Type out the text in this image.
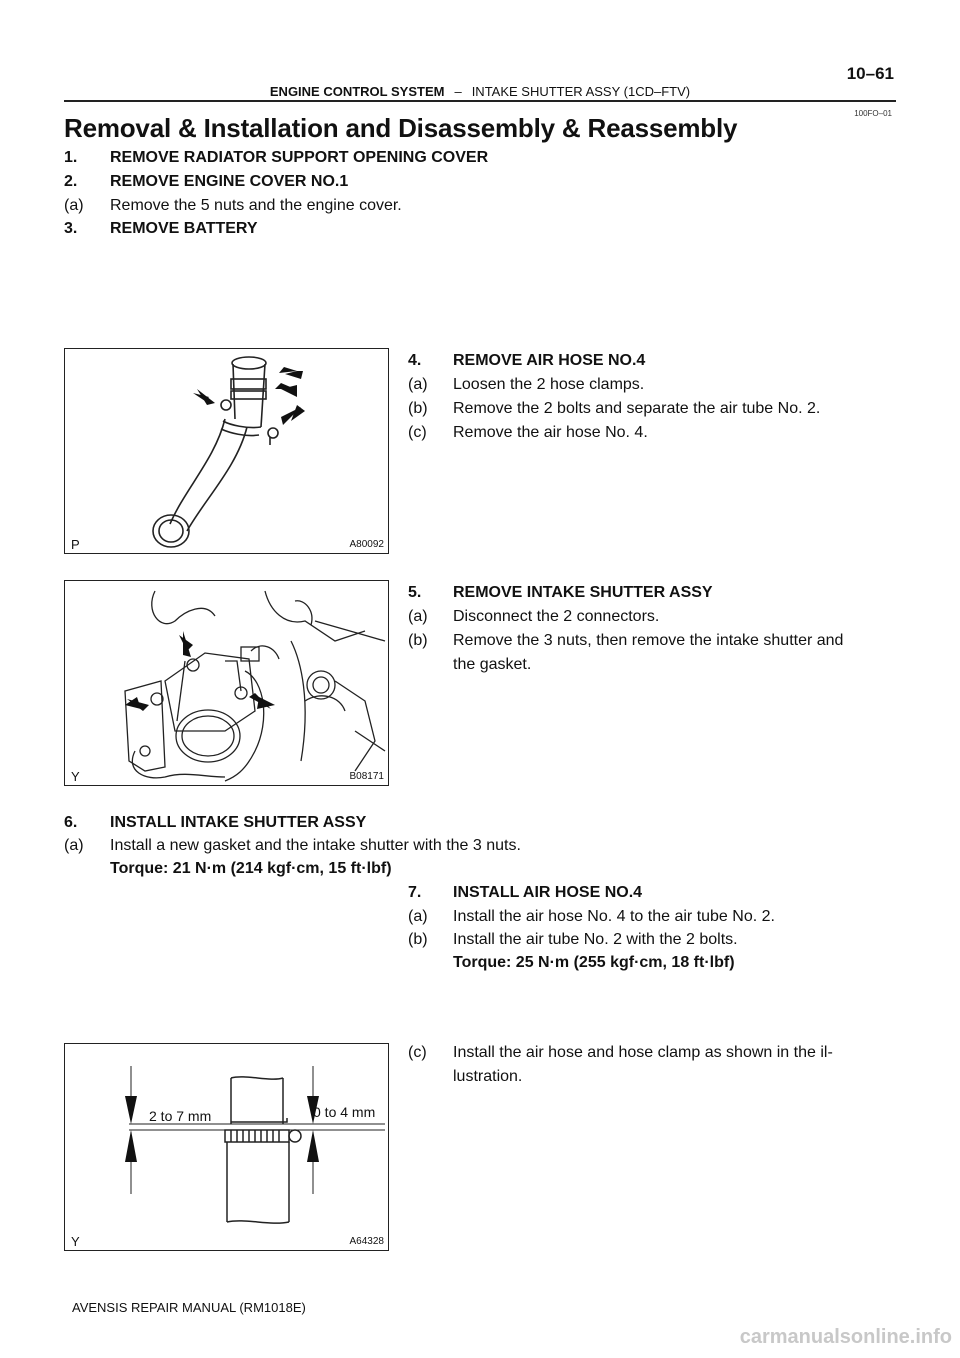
ENGINE CONTROL SYSTEM – INTAKE SHUTTER ASSY (1CD–FTV)
10–61
100FO–01
Removal & Installation and Disassembly & Reassembly
1. REMOVE RADIATOR SUPPORT OPENING COVER
2. REMOVE ENGINE COVER NO.1
(a) Remove the 5 nuts and the engine cover.
3. REMOVE BATTERY
P	A80092
4. REMOVE AIR HOSE NO.4
(a) Loosen the 2 hose clamps.
(b) Remove the 2 bolts and separate the air tube No. 2.
(c) Remove the air hose No. 4.
Y	B08171
5. REMOVE INTAKE SHUTTER ASSY
(a) Disconnect the 2 connectors.
(b) Remove the 3 nuts, then remove the intake shutter and
the gasket.
6. INSTALL INTAKE SHUTTER ASSY
(a) Install a new gasket and the intake shutter with the 3 nuts.
Torque: 21 N·m (214 kgf·cm, 15 ft·lbf)
7. INSTALL AIR HOSE NO.4
(a) Install the air hose No. 4 to the air tube No. 2.
(b) Install the air tube No. 2 with the 2 bolts.
Torque: 25 N·m (255 kgf·cm, 18 ft·lbf)
(c) Install the air hose and hose clamp as shown in the il-
lustration.
2 to 7 mm	0 to 4 mm
Y	A64328
AVENSIS REPAIR MANUAL (RM1018E)
carmanualsonline.info
